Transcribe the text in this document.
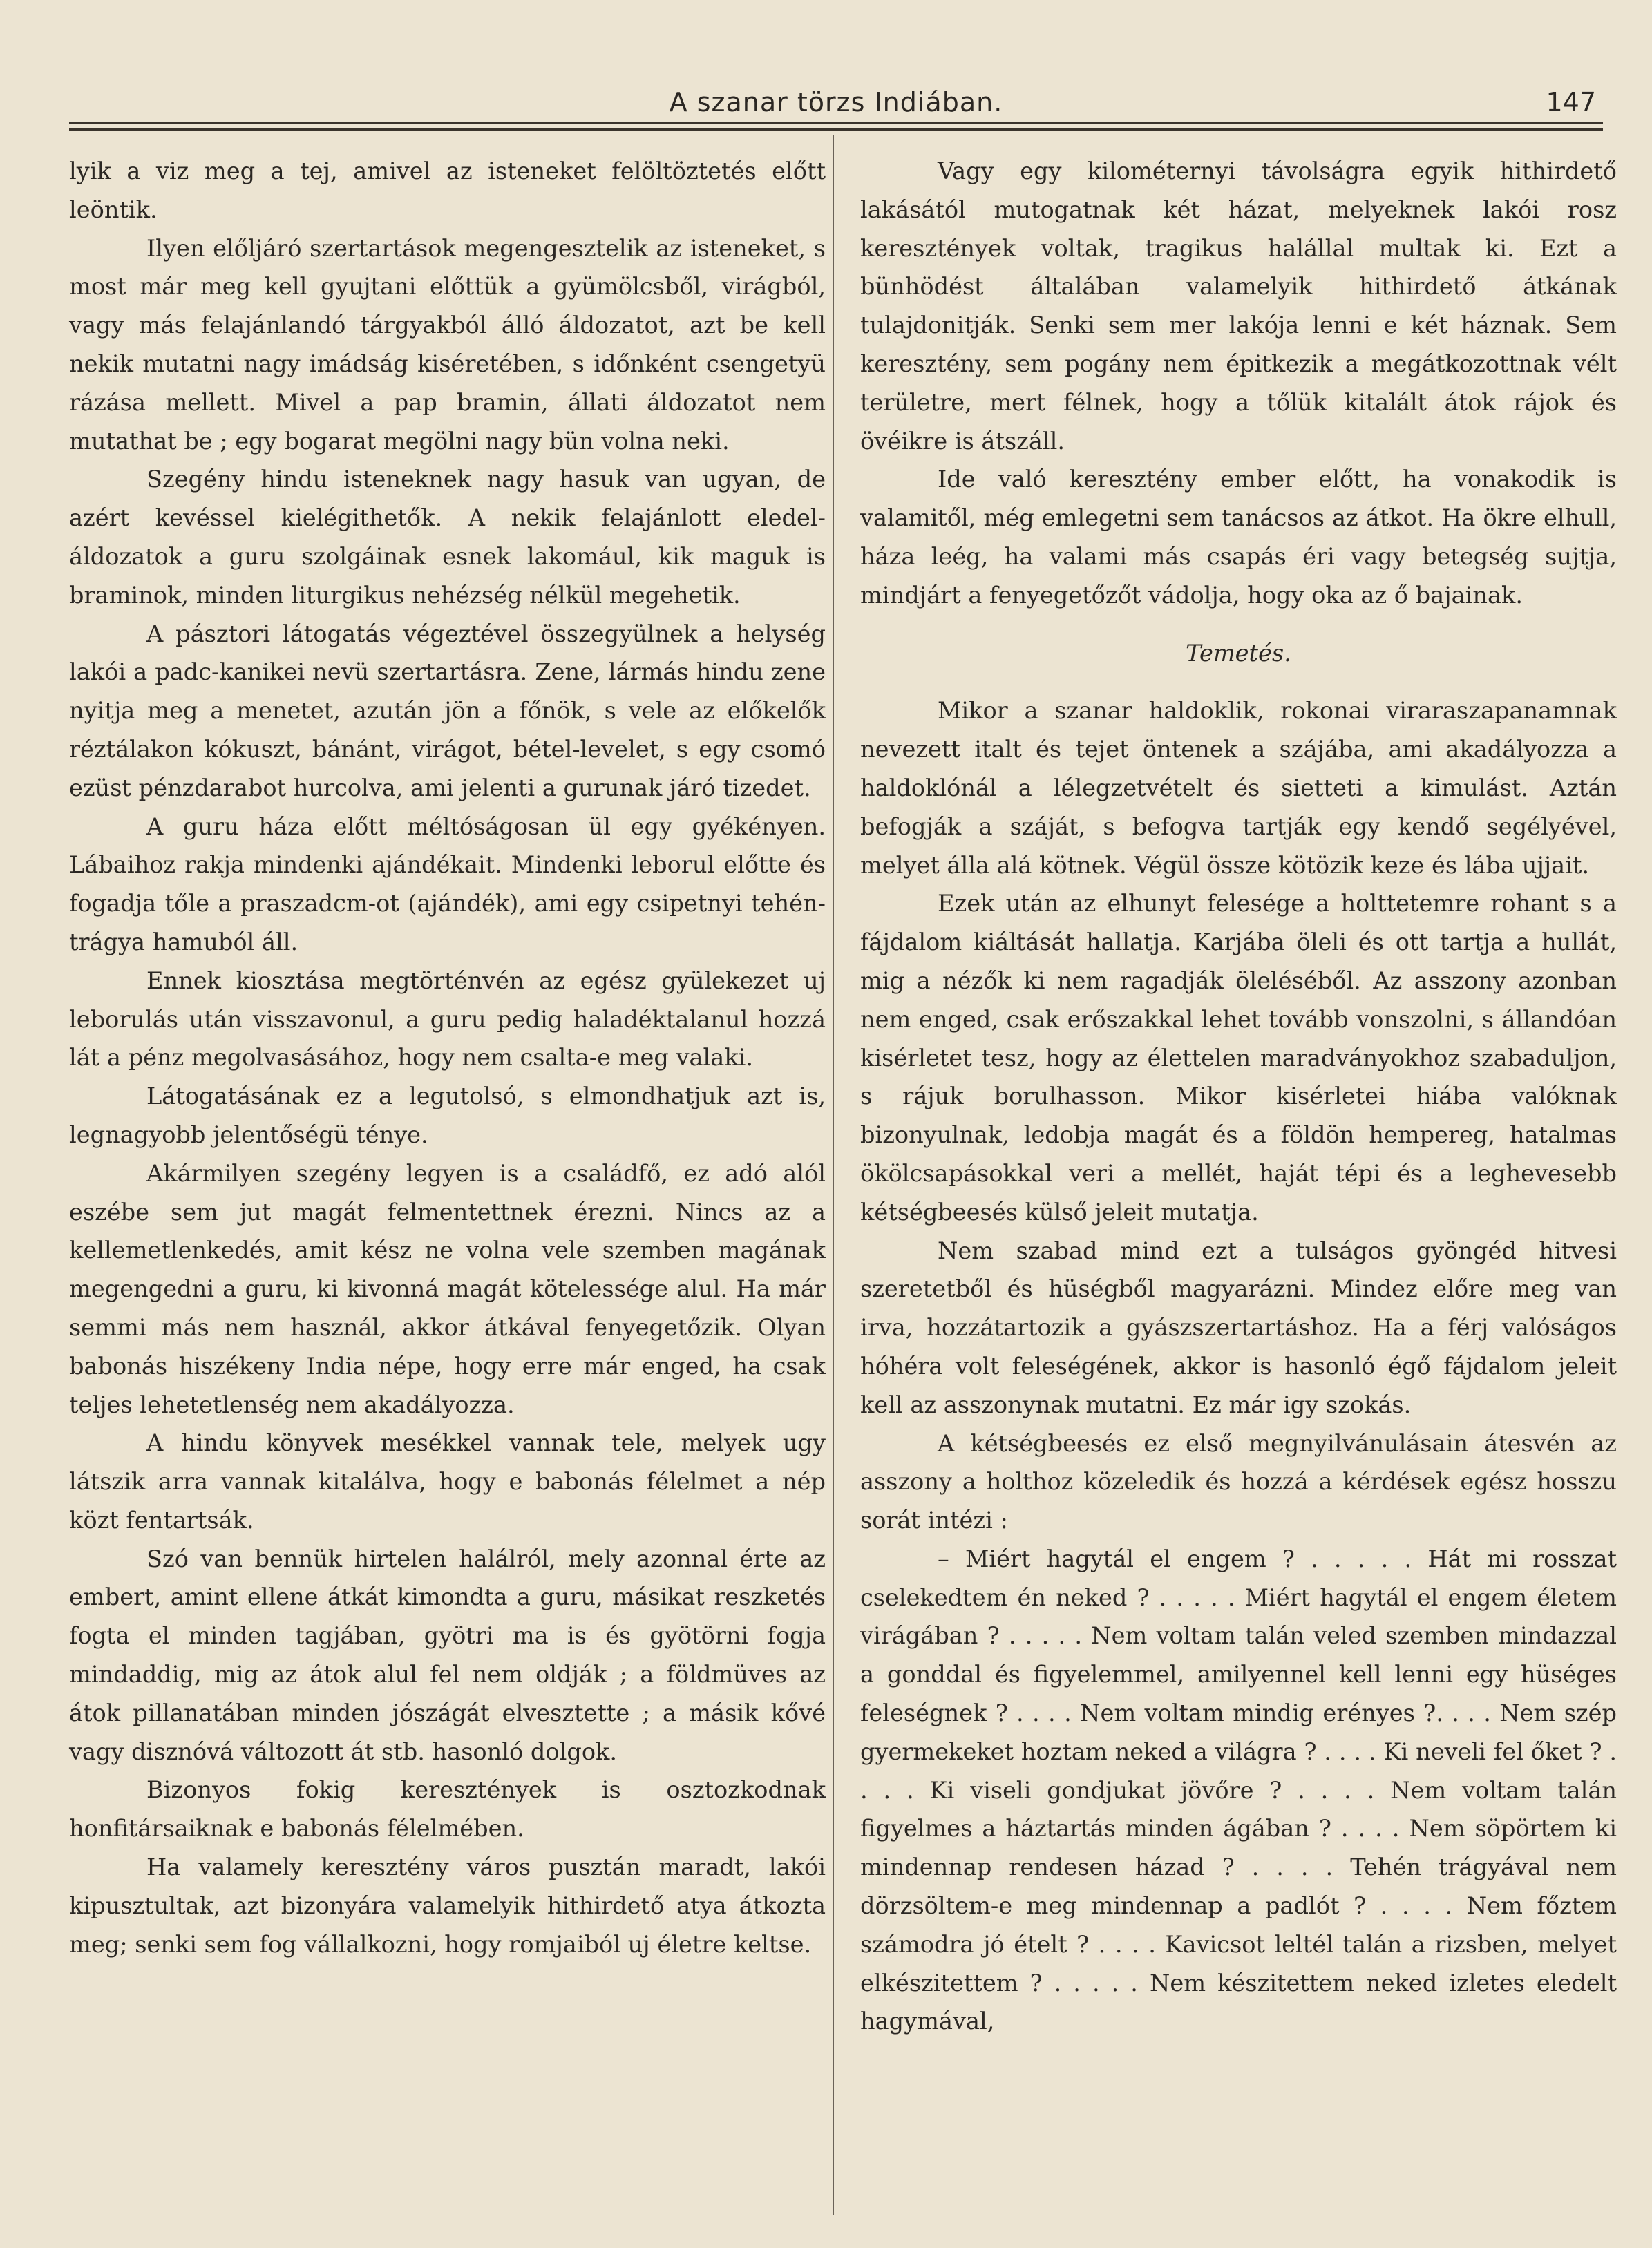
A szanar törzs Indiában.	147

lyik a viz meg a tej, amivel az isteneket felöltöztetés előtt leöntik.

Ilyen előljáró szertartások megengesztelik az isteneket, s most már meg kell gyujtani előttük a gyümölcsből, virágból, vagy más felajánlandó tárgyakból álló áldozatot, azt be kell nekik mutatni nagy imádság kiséretében, s időnként csengetyü rázása mellett. Mivel a pap bramin, állati áldozatot nem mutathat be ; egy bogarat megölni nagy bün volna neki.

Szegény hindu isteneknek nagy hasuk van ugyan, de azért kevéssel kielégithetők. A nekik felajánlott eledel-áldozatok a guru szolgáinak esnek lakomául, kik maguk is braminok, minden liturgikus nehézség nélkül megehetik.

A pásztori látogatás végeztével összegyülnek a helység lakói a padc-kanikei nevü szertartásra. Zene, lármás hindu zene nyitja meg a menetet, azután jön a főnök, s vele az előkelők réztálakon kókuszt, bánánt, virágot, bétel-levelet, s egy csomó ezüst pénzdarabot hurcolva, ami jelenti a gurunak járó tizedet.

A guru háza előtt méltóságosan ül egy gyékényen. Lábaihoz rakja mindenki ajándékait. Mindenki leborul előtte és fogadja tőle a praszadcm-ot (ajándék), ami egy csipetnyi tehén-trágya hamuból áll.

Ennek kiosztása megtörténvén az egész gyülekezet uj leborulás után visszavonul, a guru pedig haladéktalanul hozzá lát a pénz megolvasásához, hogy nem csalta-e meg valaki.

Látogatásának ez a legutolsó, s elmondhatjuk azt is, legnagyobb jelentőségü ténye.

Akármilyen szegény legyen is a családfő, ez adó alól eszébe sem jut magát felmentettnek érezni. Nincs az a kellemetlenkedés, amit kész ne volna vele szemben magának megengedni a guru, ki kivonná magát kötelessége alul. Ha már semmi más nem használ, akkor átkával fenyegetőzik. Olyan babonás hiszékeny India népe, hogy erre már enged, ha csak teljes lehetetlenség nem akadályozza.

A hindu könyvek mesékkel vannak tele, melyek ugy látszik arra vannak kitalálva, hogy e babonás félelmet a nép közt fentartsák.

Szó van bennük hirtelen halálról, mely azonnal érte az embert, amint ellene átkát kimondta a guru, másikat reszketés fogta el minden tagjában, gyötri ma is és gyötörni fogja mindaddig, mig az átok alul fel nem oldják ; a földmüves az átok pillanatában minden jószágát elvesztette ; a másik kővé vagy disznóvá változott át stb. hasonló dolgok.

Bizonyos fokig keresztények is osztozkodnak honfitársaiknak e babonás félelmében.

Ha valamely keresztény város pusztán maradt, lakói kipusztultak, azt bizonyára valamelyik hithirdető atya átkozta meg; senki sem fog vállalkozni, hogy romjaiból uj életre keltse.

Vagy egy kilométernyi távolságra egyik hithirdető lakásától mutogatnak két házat, melyeknek lakói rosz keresztények voltak, tragikus halállal multak ki. Ezt a bünhödést általában valamelyik hithirdető átkának tulajdonitják. Senki sem mer lakója lenni e két háznak. Sem keresztény, sem pogány nem épitkezik a megátkozottnak vélt területre, mert félnek, hogy a tőlük kitalált átok rájok és övéikre is átszáll.

Ide való keresztény ember előtt, ha vonakodik is valamitől, még emlegetni sem tanácsos az átkot. Ha ökre elhull, háza leég, ha valami más csapás éri vagy betegség sujtja, mindjárt a fenyegetőzőt vádolja, hogy oka az ő bajainak.

Temetés.

Mikor a szanar haldoklik, rokonai viraraszapanamnak nevezett italt és tejet öntenek a szájába, ami akadályozza a haldoklónál a lélegzetvételt és sietteti a kimulást. Aztán befogják a száját, s befogva tartják egy kendő segélyével, melyet álla alá kötnek. Végül össze kötözik keze és lába ujjait.

Ezek után az elhunyt felesége a holttetemre rohant s a fájdalom kiáltását hallatja. Karjába öleli és ott tartja a hullát, mig a nézők ki nem ragadják öleléséből. Az asszony azonban nem enged, csak erőszakkal lehet tovább vonszolni, s állandóan kisérletet tesz, hogy az élettelen maradványokhoz szabaduljon, s rájuk borulhasson. Mikor kisérletei hiába valóknak bizonyulnak, ledobja magát és a földön hempereg, hatalmas ökölcsapásokkal veri a mellét, haját tépi és a leghevesebb kétségbeesés külső jeleit mutatja.

Nem szabad mind ezt a tulságos gyöngéd hitvesi szeretetből és hüségből magyarázni. Mindez előre meg van irva, hozzátartozik a gyászszertartáshoz. Ha a férj valóságos hóhéra volt feleségének, akkor is hasonló égő fájdalom jeleit kell az asszonynak mutatni. Ez már igy szokás.

A kétségbeesés ez első megnyilvánulásain átesvén az asszony a holthoz közeledik és hozzá a kérdések egész hosszu sorát intézi :

– Miért hagytál el engem ? . . . . . Hát mi rosszat cselekedtem én neked ? . . . . . Miért hagytál el engem életem virágában ? . . . . . Nem voltam talán veled szemben mindazzal a gonddal és figyelemmel, amilyennel kell lenni egy hüséges feleségnek ? . . . . Nem voltam mindig erényes ?. . . . Nem szép gyermekeket hoztam neked a világra ? . . . . Ki neveli fel őket ? . . . . Ki viseli gondjukat jövőre ? . . . . Nem voltam talán figyelmes a háztartás minden ágában ? . . . . Nem söpörtem ki mindennap rendesen házad ? . . . . Tehén trágyával nem dörzsöltem-e meg mindennap a padlót ? . . . . Nem főztem számodra jó ételt ? . . . . Kavicsot leltél talán a rizsben, melyet elkészitettem ? . . . . . Nem készitettem neked izletes eledelt hagymával,
